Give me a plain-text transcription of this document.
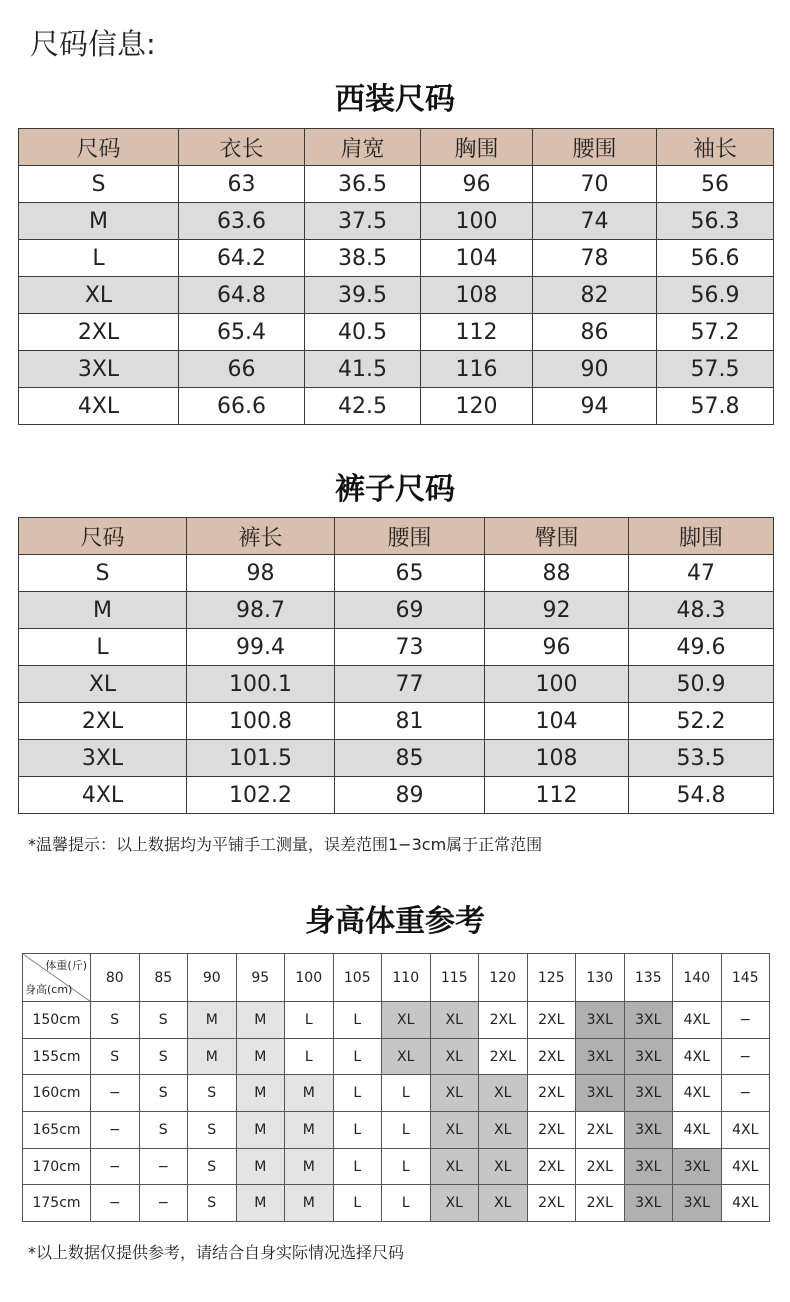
尺码信息:
西装尺码
尺码	衣长	肩宽	胸围	腰围	袖长
S	63	36.5	96	70	56
M	63.6	37.5	100	74	56.3
L	64.2	38.5	104	78	56.6
XL	64.8	39.5	108	82	56.9
2XL	65.4	40.5	112	86	57.2
3XL	66	41.5	116	90	57.5
4XL	66.6	42.5	120	94	57.8
裤子尺码
尺码	裤长	腰围	臀围	脚围
S	98	65	88	47
M	98.7	69	92	48.3
L	99.4	73	96	49.6
XL	100.1	77	100	50.9
2XL	100.8	81	104	52.2
3XL	101.5	85	108	53.5
4XL	102.2	89	112	54.8
*温馨提示：以上数据均为平铺手工测量，误差范围1−3cm属于正常范围
身高体重参考
体重(斤)
身高(cm)	80	85	90	95	100	105	110	115	120	125	130	135	140	145
150cm	S	S	M	M	L	L	XL	XL	2XL	2XL	3XL	3XL	4XL	−
155cm	S	S	M	M	L	L	XL	XL	2XL	2XL	3XL	3XL	4XL	−
160cm	−	S	S	M	M	L	L	XL	XL	2XL	3XL	3XL	4XL	−
165cm	−	S	S	M	M	L	L	XL	XL	2XL	2XL	3XL	4XL	4XL
170cm	−	−	S	M	M	L	L	XL	XL	2XL	2XL	3XL	3XL	4XL
175cm	−	−	S	M	M	L	L	XL	XL	2XL	2XL	3XL	3XL	4XL
*以上数据仅提供参考，请结合自身实际情况选择尺码
